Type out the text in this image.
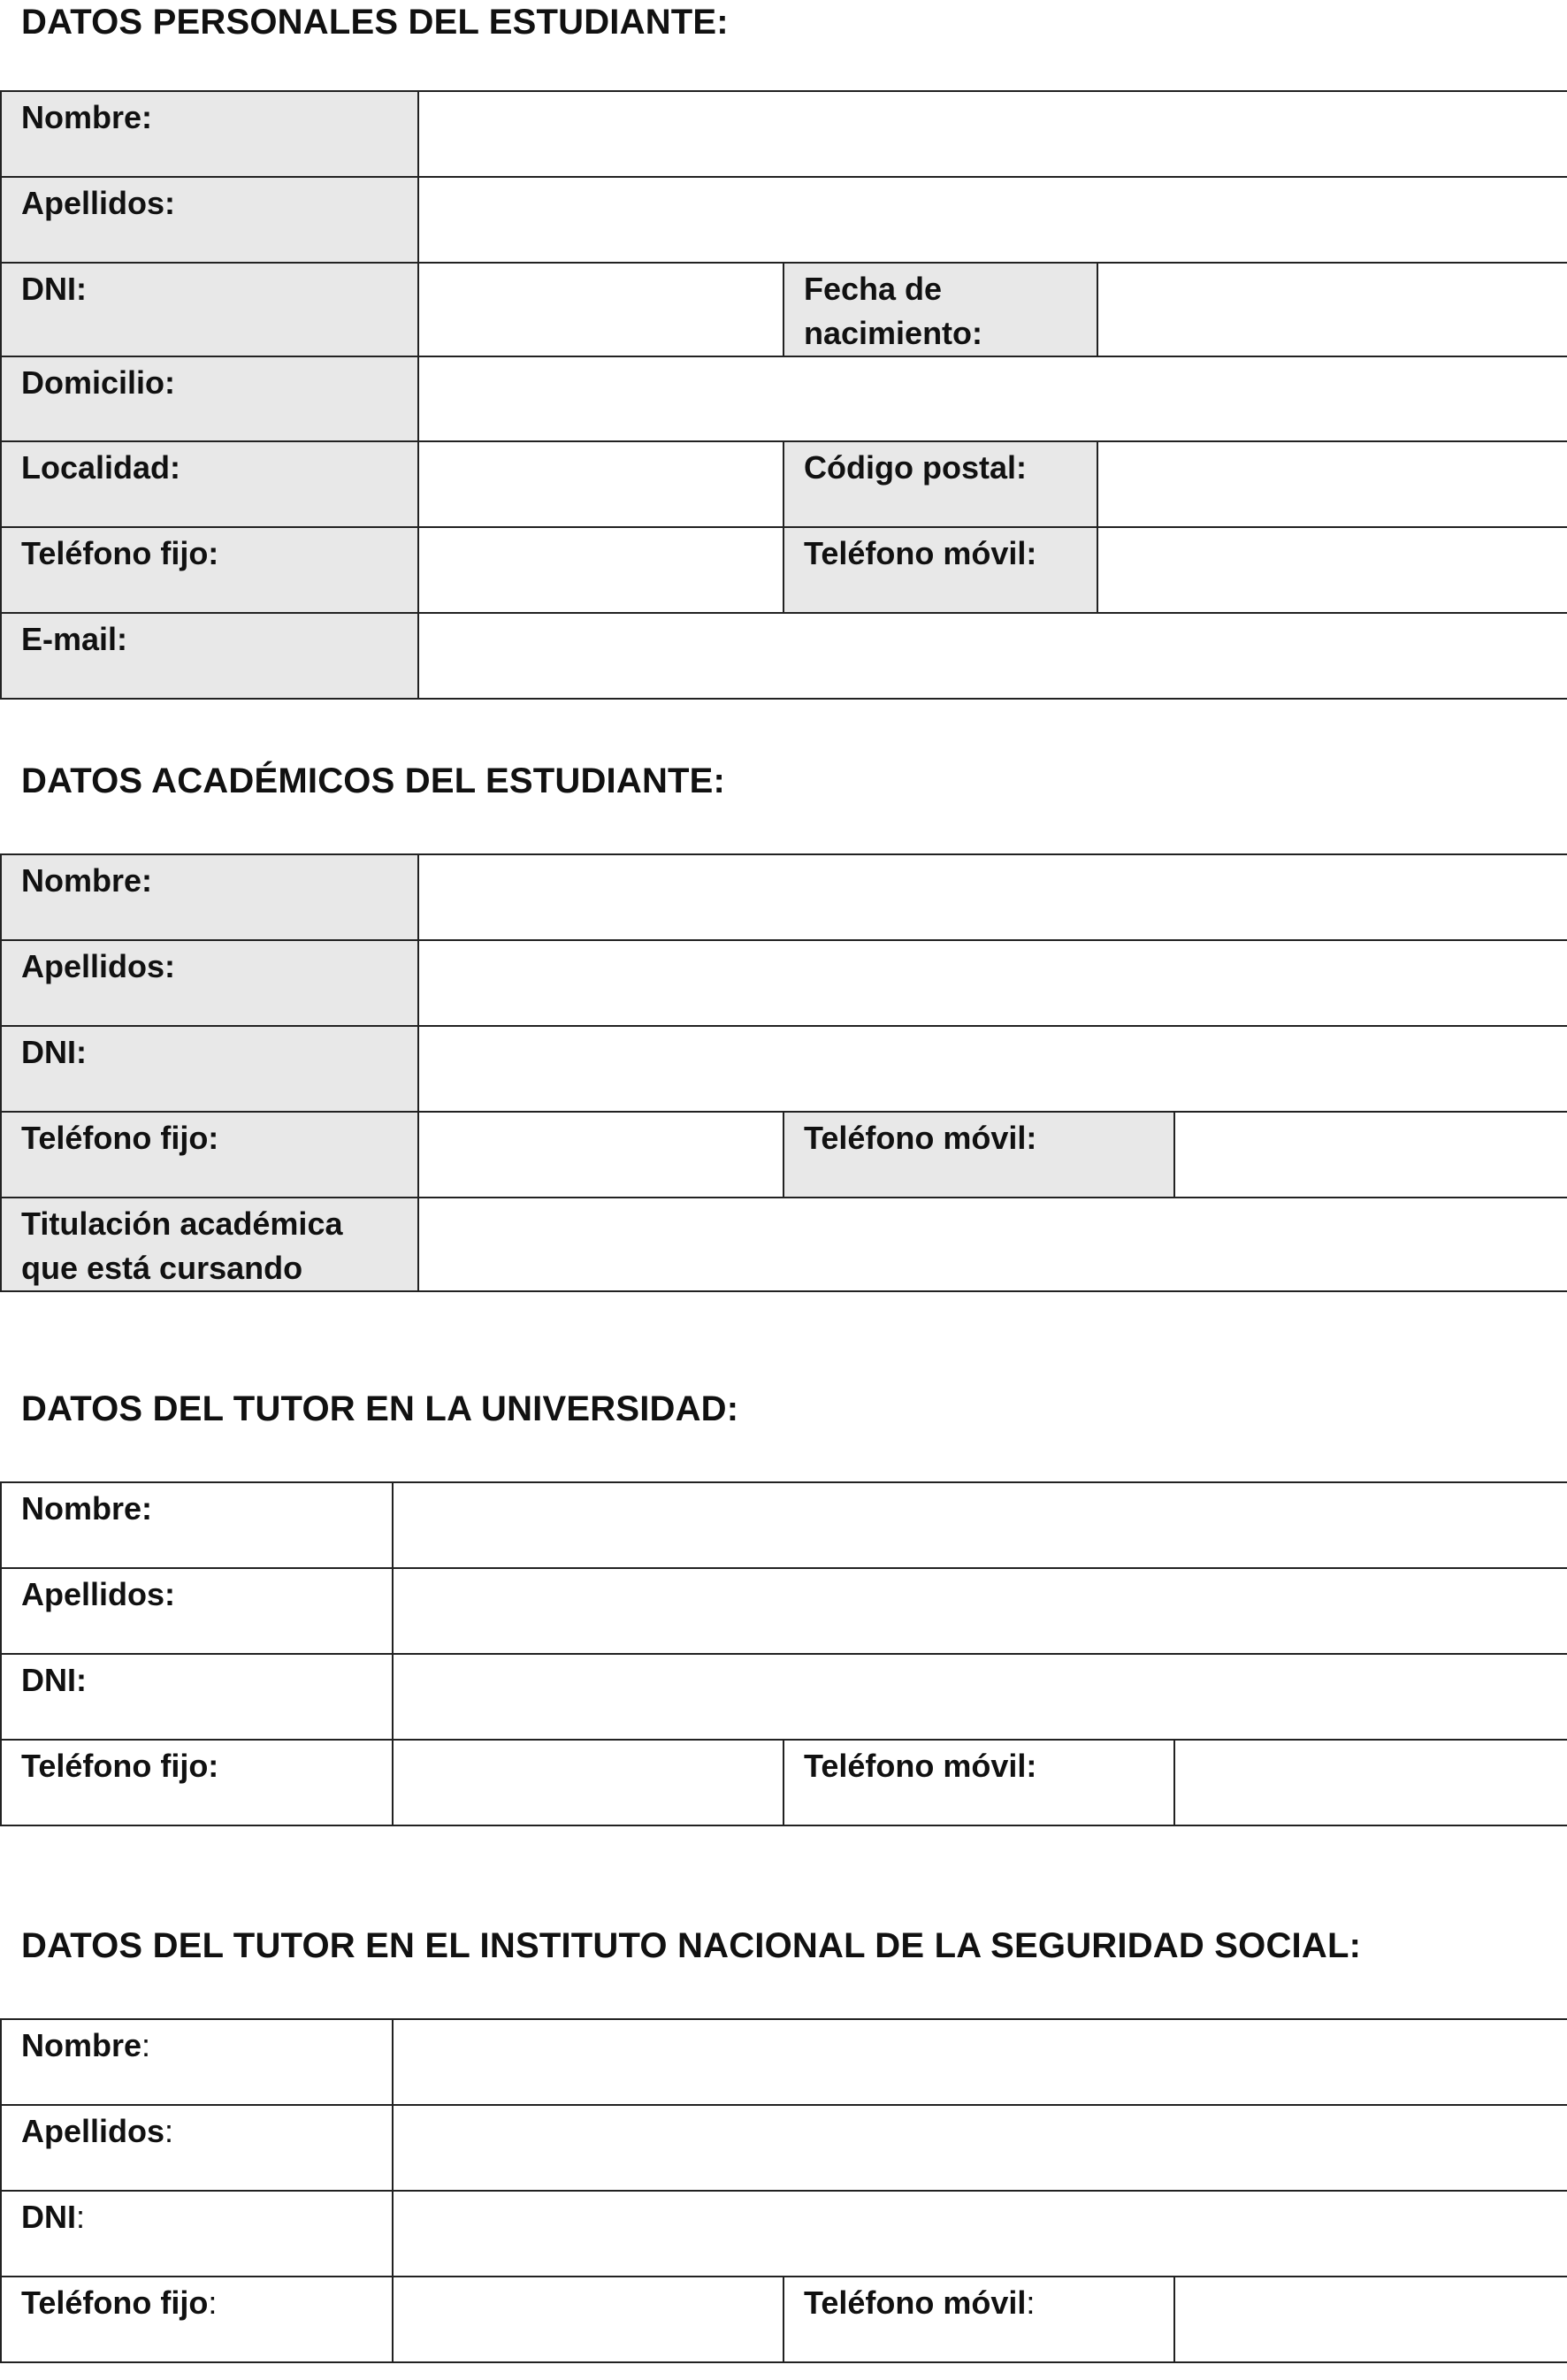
DATOS PERSONALES DEL ESTUDIANTE:
Nombre:			
Apellidos:			
DNI:		Fecha de
nacimiento:	

Domicilio:			
Localidad:		Código postal:	
Teléfono fijo:		Teléfono móvil:	
E-mail:			
DATOS ACADÉMICOS DEL ESTUDIANTE:
Nombre:			
Apellidos:			
DNI:			
Teléfono fijo:		Teléfono móvil:	

Titulación académica
que está cursando			

DATOS DEL TUTOR EN LA UNIVERSIDAD:
Nombre:			
Apellidos:			
DNI:			
Teléfono fijo:		Teléfono móvil:	
DATOS DEL TUTOR EN EL INSTITUTO NACIONAL DE LA SEGURIDAD SOCIAL:
Nombre:			
Apellidos:			
DNI:			
Teléfono fijo:		Teléfono móvil:	
